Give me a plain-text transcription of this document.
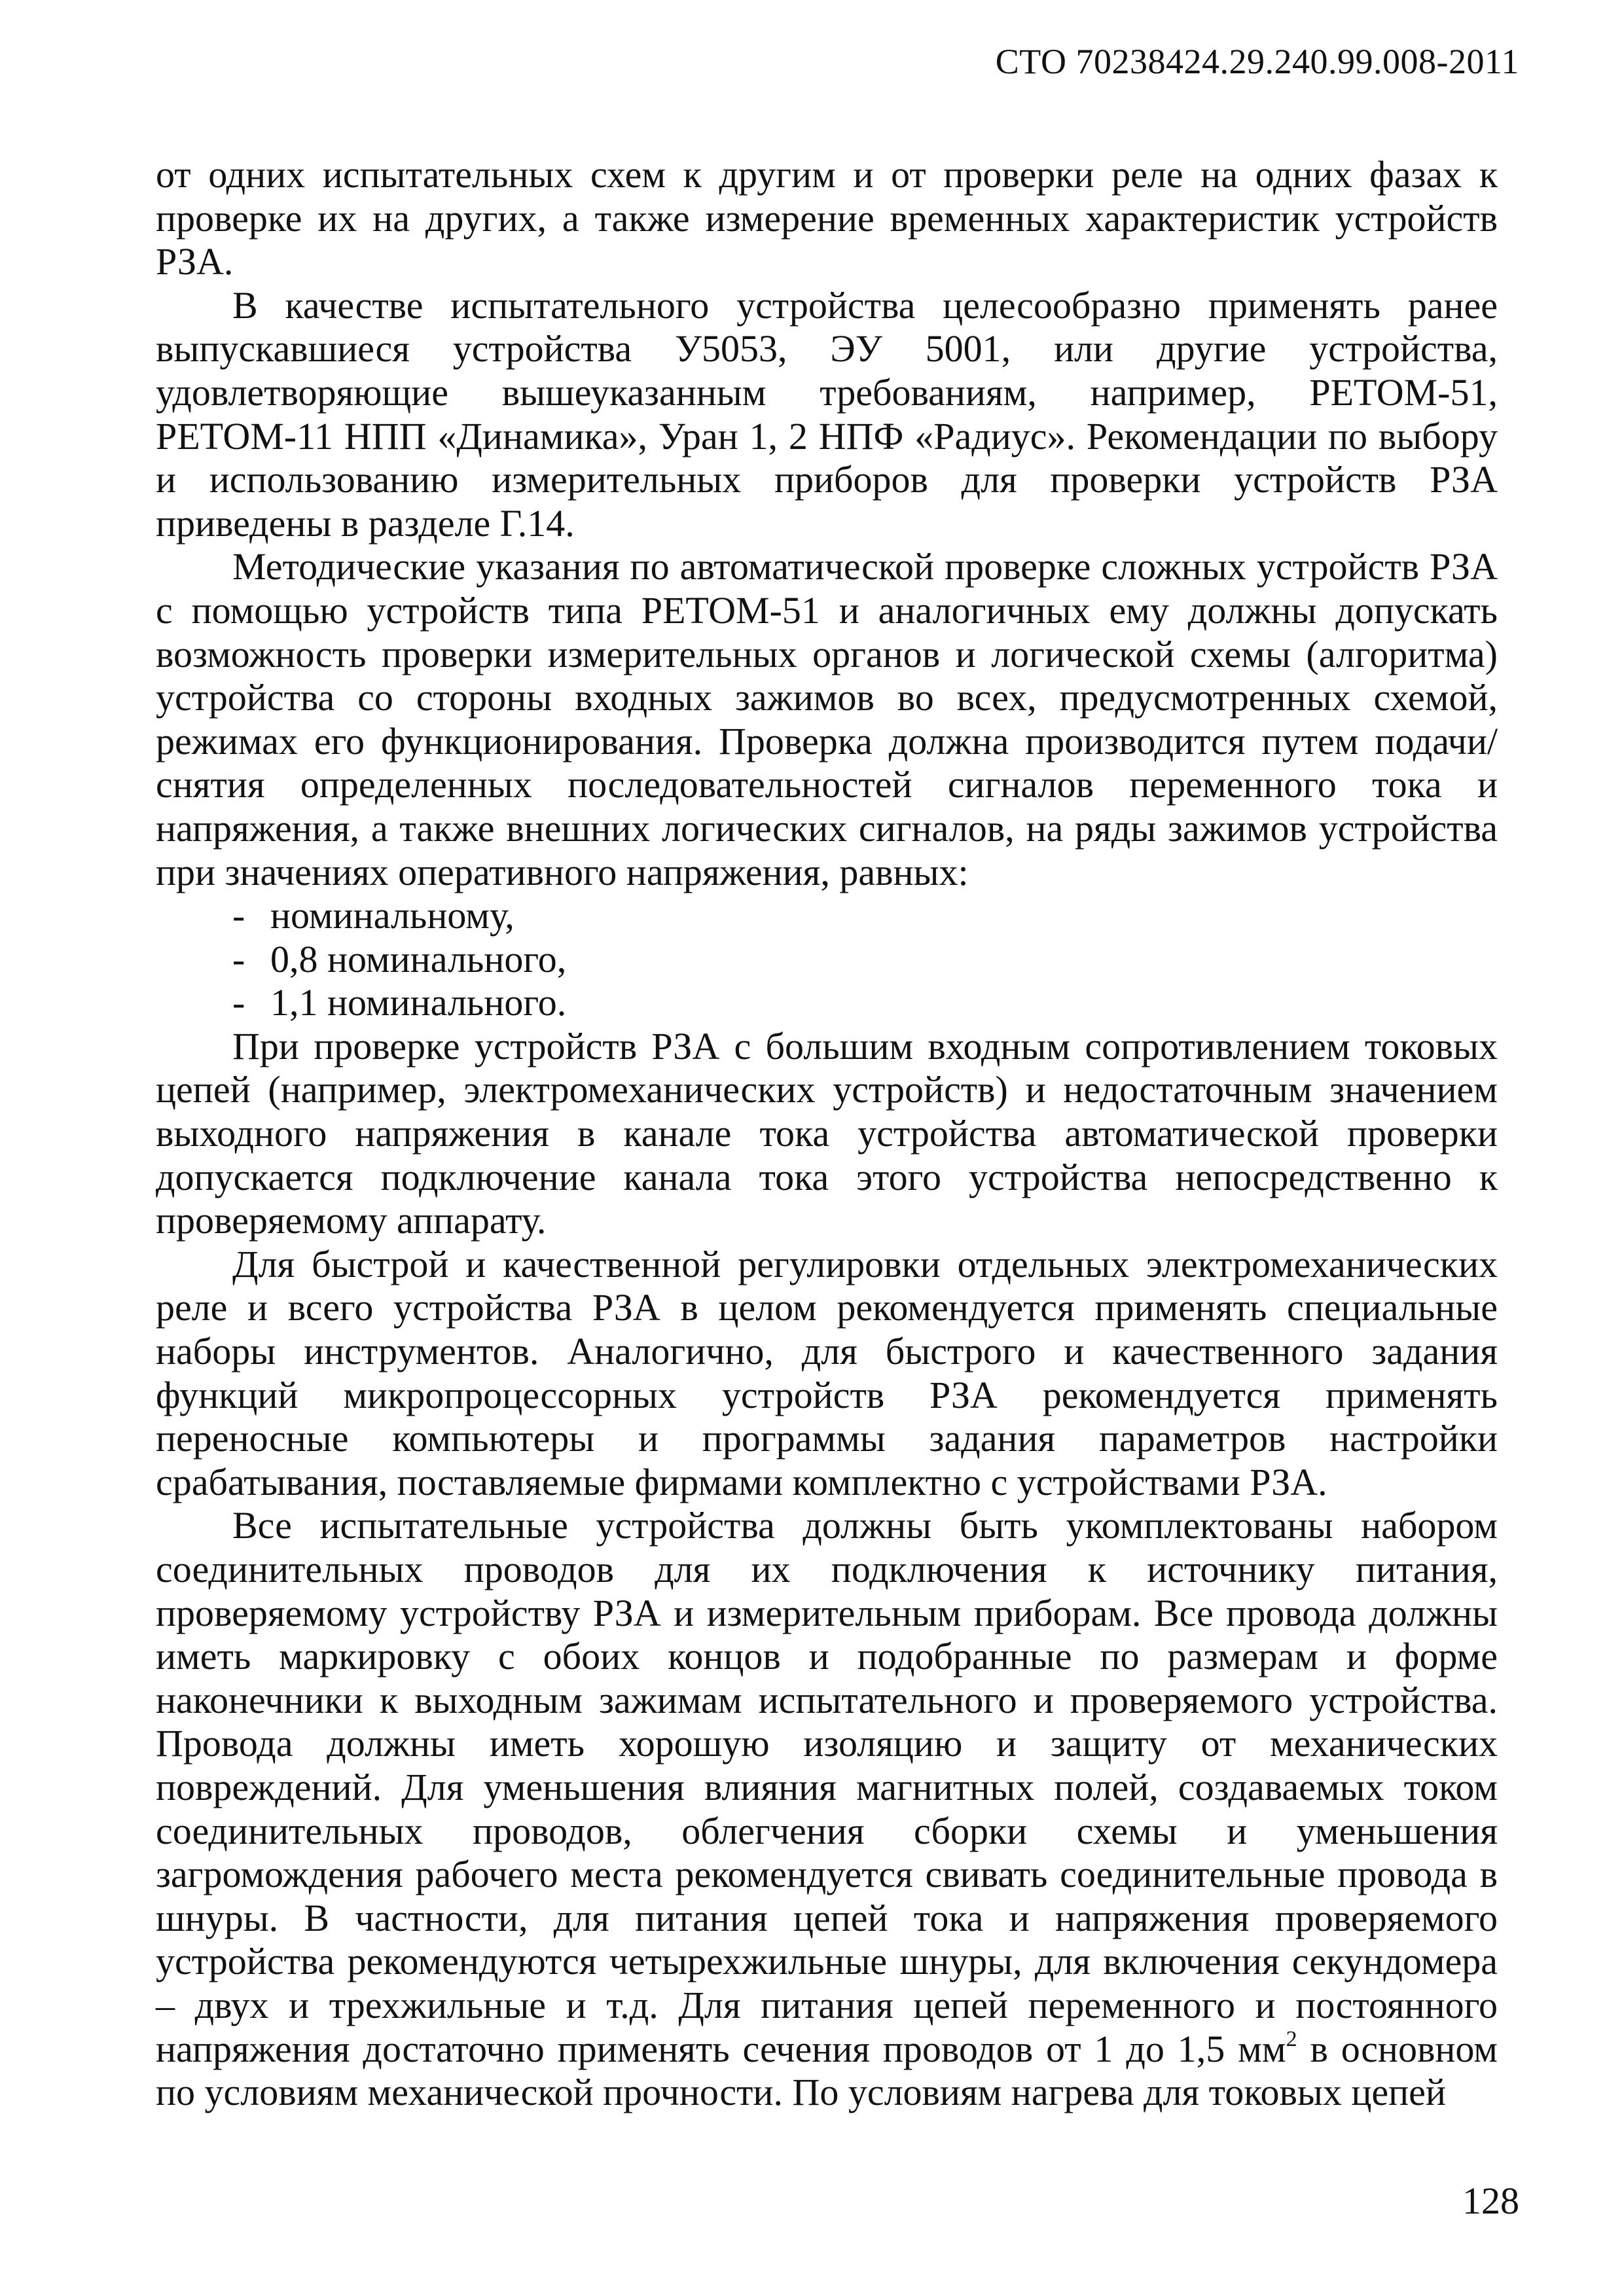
СТО 70238424.29.240.99.008-2011

от одних испытательных схем к другим и от проверки реле на одних фазах к проверке их на других, а также измерение временных характеристик устройств РЗА.

В качестве испытательного устройства целесообразно применять ранее выпускавшиеся устройства У5053, ЭУ 5001, или другие устройства, удовлетворяющие вышеуказанным требованиям, например, РЕТОМ-51, РЕТОМ-11 НПП «Динамика», Уран 1, 2 НПФ «Радиус». Рекомендации по выбору и использованию измерительных приборов для проверки устройств РЗА приведены в разделе Г.14.

Методические указания по автоматической проверке сложных устройств РЗА с помощью устройств типа РЕТОМ-51 и аналогичных ему должны допускать возможность проверки измерительных органов и логической схемы (алгоритма) устройства со стороны входных зажимов во всех, предусмотренных схемой, режимах его функционирования. Проверка должна производится путем подачи/снятия определенных последовательностей сигналов переменного тока и напряжения, а также внешних логических сигналов, на ряды зажимов устройства при значениях оперативного напряжения, равных:

- номинальному,
- 0,8 номинального,
- 1,1 номинального.

При проверке устройств РЗА с большим входным сопротивлением токовых цепей (например, электромеханических устройств) и недостаточным значением выходного напряжения в канале тока устройства автоматической проверки допускается подключение канала тока этого устройства непосредственно к проверяемому аппарату.

Для быстрой и качественной регулировки отдельных электромеханических реле и всего устройства РЗА в целом рекомендуется применять специальные наборы инструментов. Аналогично, для быстрого и качественного задания функций микропроцессорных устройств РЗА рекомендуется применять переносные компьютеры и программы задания параметров настройки срабатывания, поставляемые фирмами комплектно с устройствами РЗА.

Все испытательные устройства должны быть укомплектованы набором соединительных проводов для их подключения к источнику питания, проверяемому устройству РЗА и измерительным приборам. Все провода должны иметь маркировку с обоих концов и подобранные по размерам и форме наконечники к выходным зажимам испытательного и проверяемого устройства. Провода должны иметь хорошую изоляцию и защиту от механических повреждений. Для уменьшения влияния магнитных полей, создаваемых током соединительных проводов, облегчения сборки схемы и уменьшения загромождения рабочего места рекомендуется свивать соединительные провода в шнуры. В частности, для питания цепей тока и напряжения проверяемого устройства рекомендуются четырехжильные шнуры, для включения секундомера – двух и трехжильные и т.д. Для питания цепей переменного и постоянного напряжения достаточно применять сечения проводов от 1 до 1,5 $мм^2$ в основном по условиям механической прочности. По условиям нагрева для токовых цепей

128
